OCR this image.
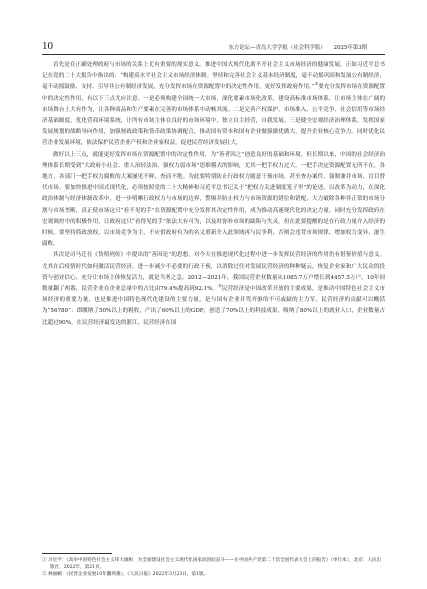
10	东方论坛—青岛大学学报（社会科学版）　　2025年第3期

首先是在正确处理政府与市场的关系上尤有重要的现实意义。推进中国式现代化离不开社会主义市场经济的健康发展，正如习近平总书记在党的二十大报告中指出的：“构建高水平社会主义市场经济体制。坚持和完善社会主义基本经济制度，毫不动摇巩固和发展公有制经济，毫不动摇鼓励、支持、引导非公有制经济发展，充分发挥市场在资源配置中的决定性作用，更好发挥政府作用。”①要充分发挥市场在资源配置中的决定性作用，有以下三点尤应注意。一是必须构建全国统一大市场，深化要素市场化改革，建设高标准市场体系，让市场主体在广阔的市场舞台上大有作为，让各种商品和生产要素在完善的市场体系中动畅其流。二是完善产权保护、市场准入、公平竞争、社会信用等市场经济基础制度，优化营商环境系统，让所有市场主体在良好的市场环境中，独立自主经营，自我发展。三是健全宏观经济治理体系，发挥国家发展规划的战略导向作用，加强财政政策和货币政策协调配合，推动国有资本和国有企业做强做优做大，提升企业核心竞争力。同时优化民营企业发展环境，依法保护民营企业产权和企业家权益，促进民营经济发展壮大。

做好以上三点，就能更好发挥市场在资源配置中的决定性作用，为“善者因之”创造良好的基础和环境。但长期以来，中国的社会经济治理体系长期受到“大政府小社会、重人治轻法治、强权力弱市场”思维模式的影响，尤其一把手权力过大，一把手决定资源配置无所不在，各地方、各部门一把手权力腐败的大案屡见不鲜，查而不绝。为此要特别防止行政权力随意干预市场，甚至查办案件、强制兼并市场、盲目替代市场。要加快推进中国式现代化，必须按照党的二十大精神和习近平总书记关于“把权力关进制度笼子里”的论述，以改革为动力，在深化政治体制与经济体制改革中，进一步明晰行政权力与市场的边界，警惕并防止权力与市场资源的错位和错配，大力破除各种非正常的市场分割与市场垄断，真正使市场这只“看不见的手”在资源配置中充分发挥其决定性作用，成为推动高速现代化的决定力量。同时充分发挥政府在宏观调控中的积极作用，让政府这只“看得见的手”依法大有可为，以及时弥补市场的缺陷与失灵。但在此要提醒的是在行政力量介入经济的时候，要坚持简政放权，以市场竞争为主，不应借政府有为的名义重新介入此领域再与民争利，否则会违背市场规律，增加权力变异、滋生腐败。

其次是司马迁在《货殖列传》中提出的“善因论”的思想，对今天在推进现代化过程中进一步发挥民营经济的作用仍有借鉴价值与意义。尤其在后疫情时代如何激活民营经济，进一步减少不必要的行政干预，以消除过往对发展民营经济的种种疑云，恢复企业家和广大民众的投资与创业信心，充分让市场主体恢复活力，就是当务之急。2012—2021年，我国民营企业数量从1085.7万户增长到4457.5万户，10年间数量翻了两番，民营企业在企业总量中的占比由79.4%提高到92.1%。②民营经济是中国改革开放的主要成果，是推动中国特色社会主义市场经济的重要力量，也是推进中国特色现代化建设的主要力量，是与国有企业并驾齐驱的不可或缺的主力军。民营经济的贡献可以概括为“56789”：即缴纳了50%以上的税收，产出了60%以上的GDP，创造了70%以上的科技成果，吸纳了80%以上的就业人口，企业数量占比超过90%。在民营经济最发达的浙江，民营经济在国

① 习近平：《高举中国特色社会主义伟大旗帜　为全面建设社会主义现代化国家而团结奋斗——在中国共产党第二十次全国代表大会上的报告》（单行本），北京：人民出版社，2022年，第21页。

② 林丽鹂：《民营企业发展10年翻两番》，《人民日报》2022年3月23日，第1版。
